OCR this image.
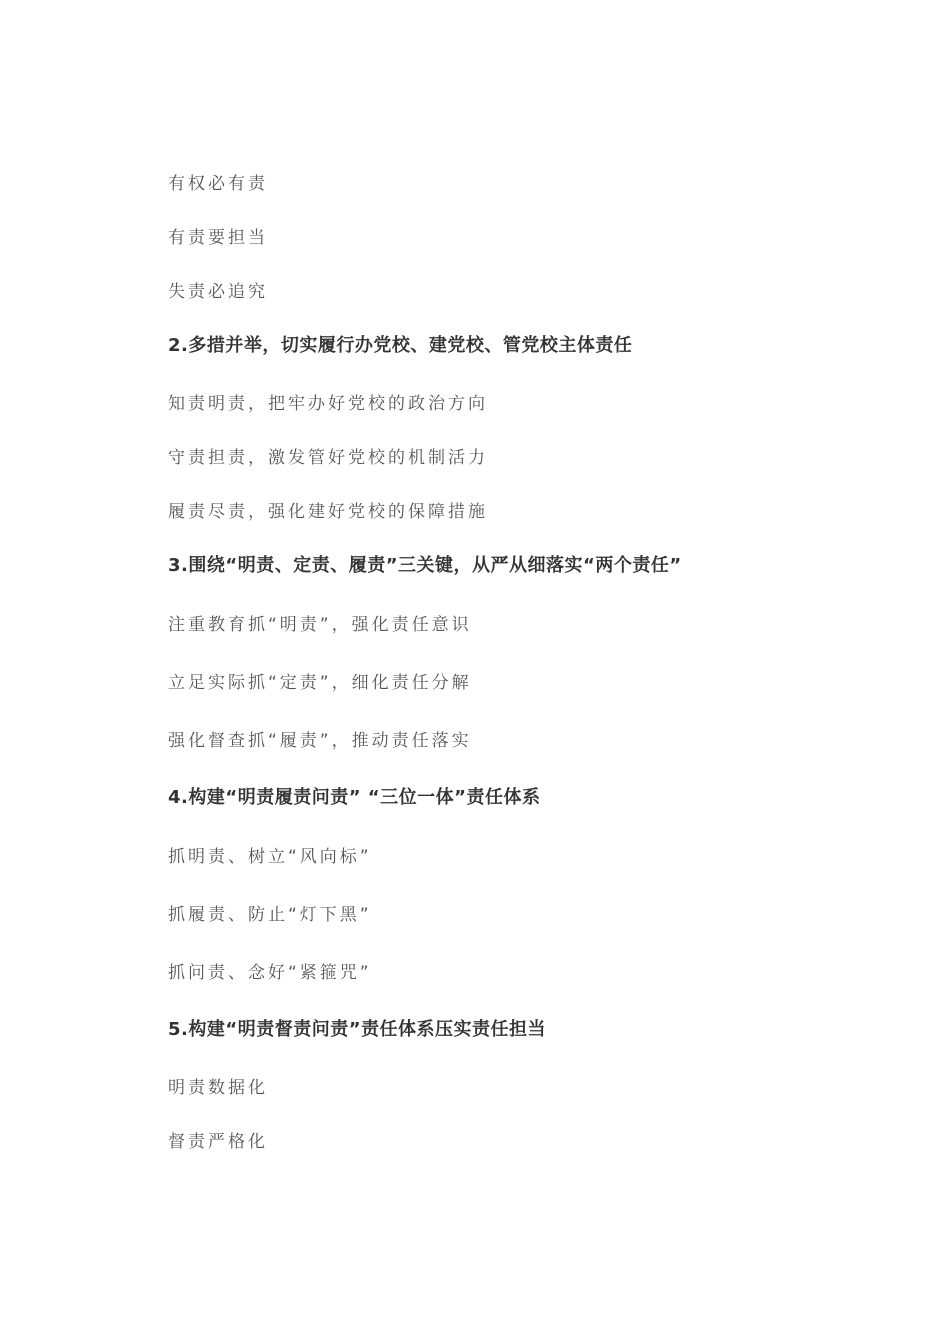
有权必有责
有责要担当
失责必追究
2.多措并举，切实履行办党校、建党校、管党校主体责任
知责明责，把牢办好党校的政治方向
守责担责，激发管好党校的机制活力
履责尽责，强化建好党校的保障措施
3.围绕“明责、定责、履责”三关键，从严从细落实“两个责任”
注重教育抓“明责”，强化责任意识
立足实际抓“定责”，细化责任分解
强化督查抓“履责”，推动责任落实
4.构建“明责履责问责” “三位一体”责任体系
抓明责、树立“风向标”
抓履责、防止“灯下黑”
抓问责、念好“紧箍咒”
5.构建“明责督责问责”责任体系压实责任担当
明责数据化
督责严格化
